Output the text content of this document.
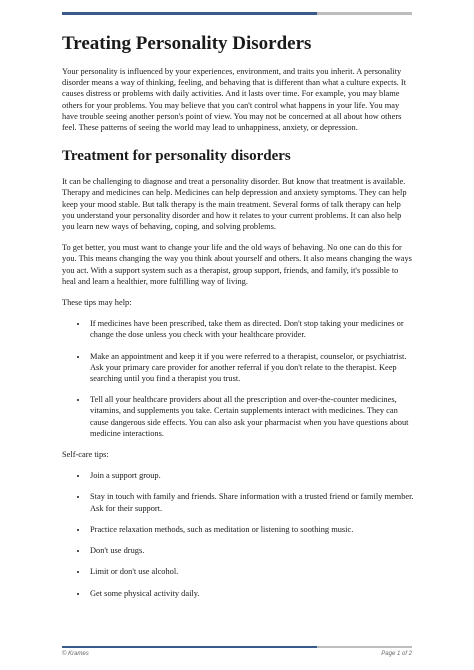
Treating Personality Disorders

Your personality is influenced by your experiences, environment, and traits you inherit. A personality disorder means a way of thinking, feeling, and behaving that is different than what a culture expects. It causes distress or problems with daily activities. And it lasts over time. For example, you may blame others for your problems. You may believe that you can't control what happens in your life. You may have trouble seeing another person's point of view. You may not be concerned at all about how others feel. These patterns of seeing the world may lead to unhappiness, anxiety, or depression.

Treatment for personality disorders

It can be challenging to diagnose and treat a personality disorder. But know that treatment is available. Therapy and medicines can help. Medicines can help depression and anxiety symptoms. They can help keep your mood stable. But talk therapy is the main treatment. Several forms of talk therapy can help you understand your personality disorder and how it relates to your current problems. It can also help you learn new ways of behaving, coping, and solving problems.

To get better, you must want to change your life and the old ways of behaving. No one can do this for you. This means changing the way you think about yourself and others. It also means changing the ways you act. With a support system such as a therapist, group support, friends, and family, it's possible to heal and learn a healthier, more fulfilling way of living.

These tips may help:

• If medicines have been prescribed, take them as directed. Don't stop taking your medicines or change the dose unless you check with your healthcare provider.
• Make an appointment and keep it if you were referred to a therapist, counselor, or psychiatrist. Ask your primary care provider for another referral if you don't relate to the therapist. Keep searching until you find a therapist you trust.
• Tell all your healthcare providers about all the prescription and over-the-counter medicines, vitamins, and supplements you take. Certain supplements interact with medicines. They can cause dangerous side effects. You can also ask your pharmacist when you have questions about medicine interactions.

Self-care tips:

• Join a support group.
• Stay in touch with family and friends. Share information with a trusted friend or family member. Ask for their support.
• Practice relaxation methods, such as meditation or listening to soothing music.
• Don't use drugs.
• Limit or don't use alcohol.
• Get some physical activity daily.
© Krames	Page 1 of 2
